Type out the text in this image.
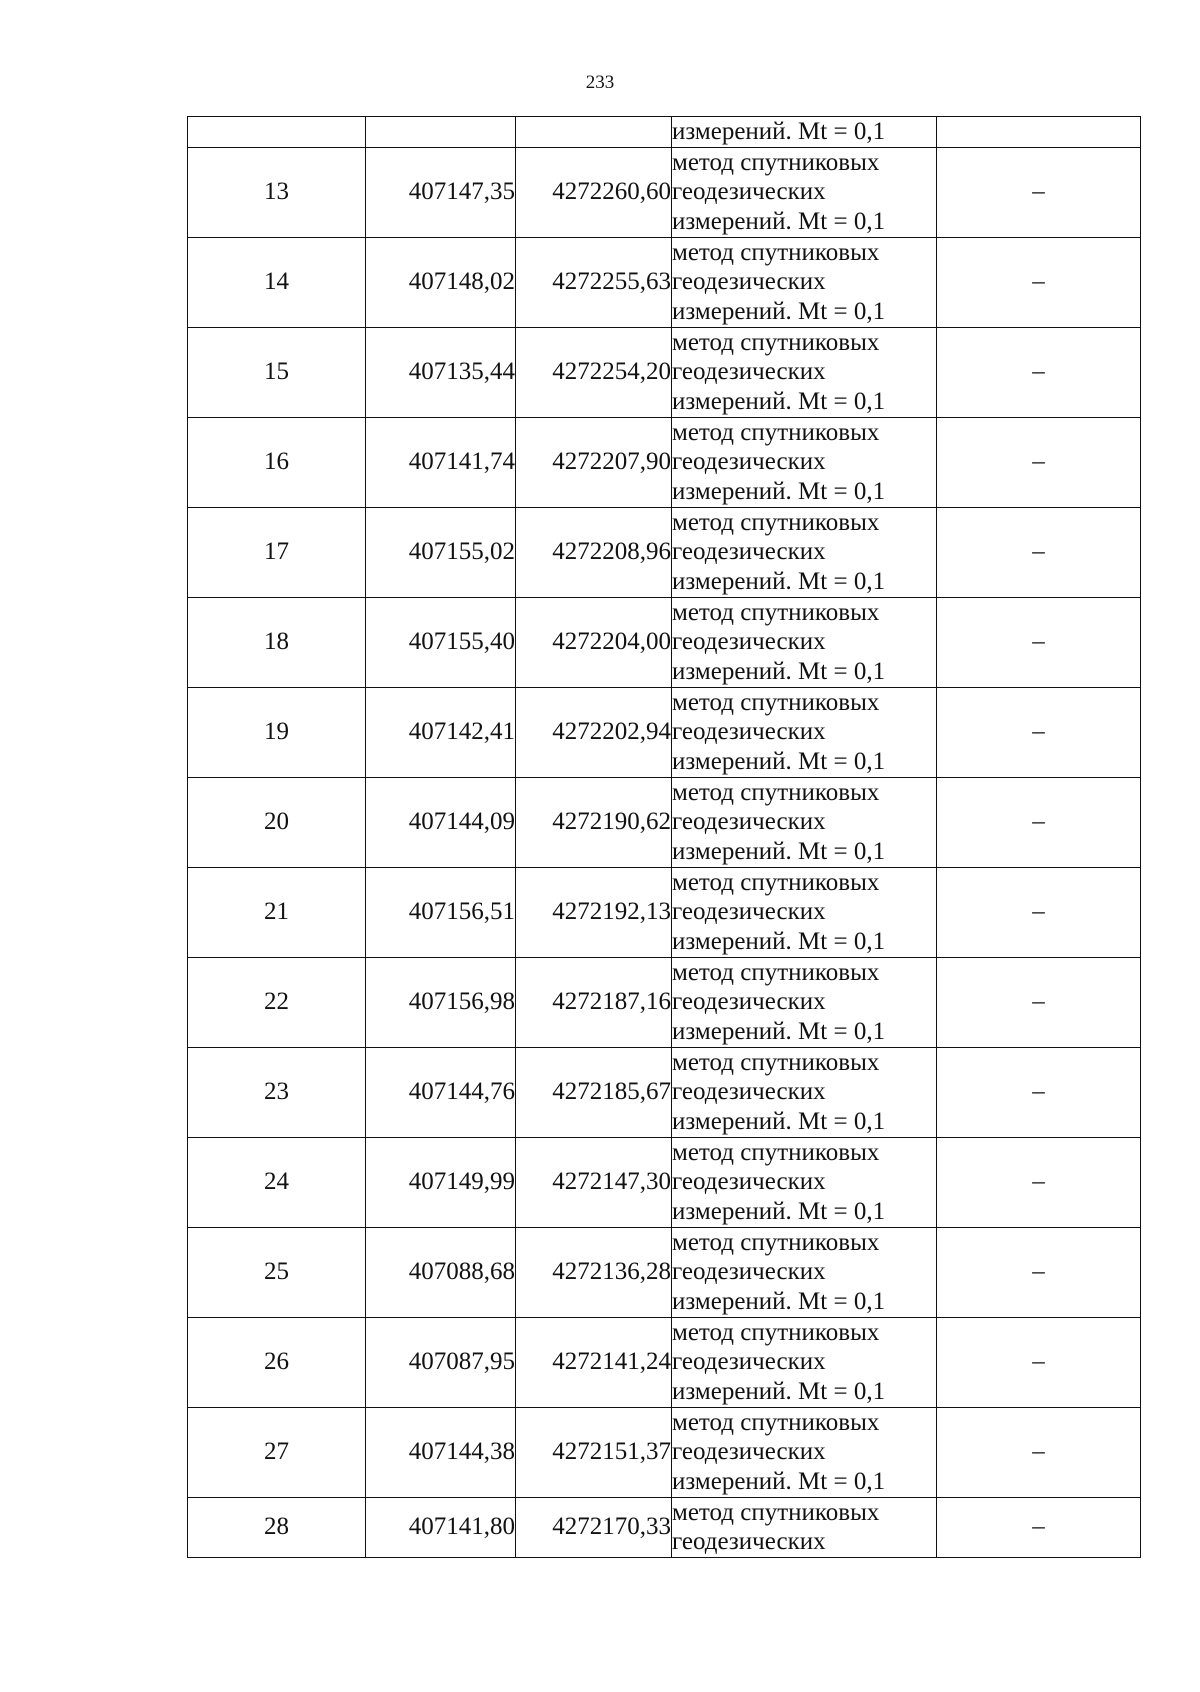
233
			измерений. Mt = 0,1	
13	407147,35	4272260,60	метод спутниковых
геодезических
измерений. Mt = 0,1	–
14	407148,02	4272255,63	метод спутниковых
геодезических
измерений. Mt = 0,1	–
15	407135,44	4272254,20	метод спутниковых
геодезических
измерений. Mt = 0,1	–
16	407141,74	4272207,90	метод спутниковых
геодезических
измерений. Mt = 0,1	–
17	407155,02	4272208,96	метод спутниковых
геодезических
измерений. Mt = 0,1	–
18	407155,40	4272204,00	метод спутниковых
геодезических
измерений. Mt = 0,1	–
19	407142,41	4272202,94	метод спутниковых
геодезических
измерений. Mt = 0,1	–
20	407144,09	4272190,62	метод спутниковых
геодезических
измерений. Mt = 0,1	–
21	407156,51	4272192,13	метод спутниковых
геодезических
измерений. Mt = 0,1	–
22	407156,98	4272187,16	метод спутниковых
геодезических
измерений. Mt = 0,1	–
23	407144,76	4272185,67	метод спутниковых
геодезических
измерений. Mt = 0,1	–
24	407149,99	4272147,30	метод спутниковых
геодезических
измерений. Mt = 0,1	–
25	407088,68	4272136,28	метод спутниковых
геодезических
измерений. Mt = 0,1	–
26	407087,95	4272141,24	метод спутниковых
геодезических
измерений. Mt = 0,1	–
27	407144,38	4272151,37	метод спутниковых
геодезических
измерений. Mt = 0,1	–
28	407141,80	4272170,33	метод спутниковых
геодезических	–
